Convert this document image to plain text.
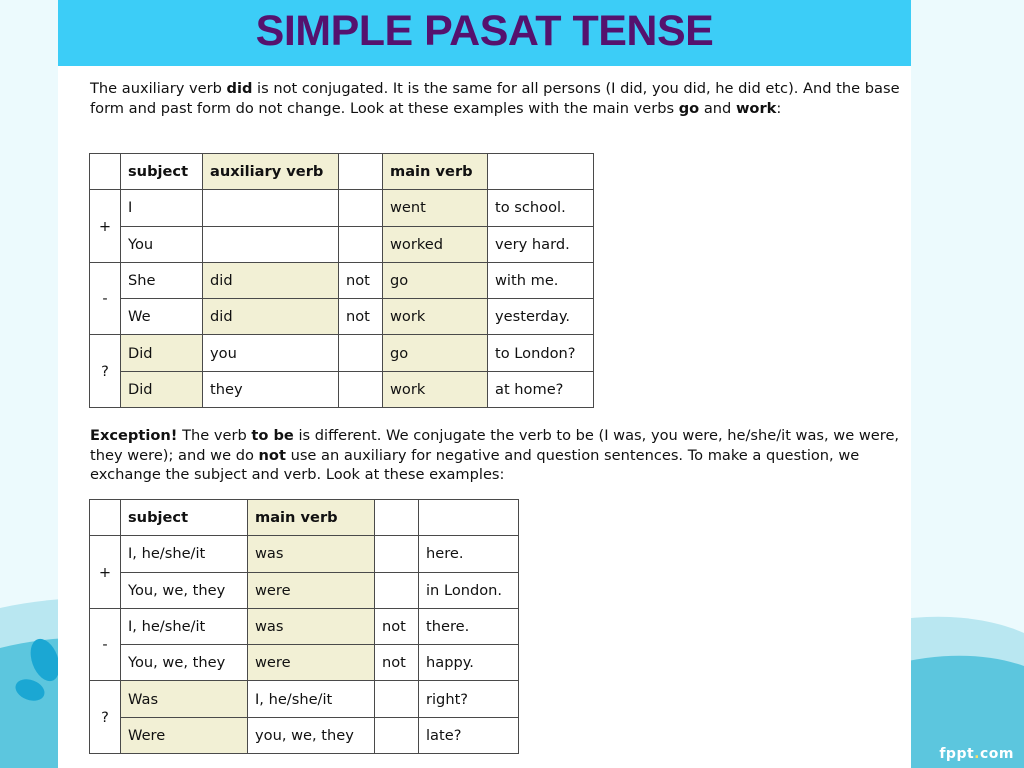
fppt.com
SIMPLE PASAT TENSE
The auxiliary verb did is not conjugated. It is the same for all persons (I did, you did, he did etc). And the base form and past form do not change. Look at these examples with the main verbs go and work:
	subject	auxiliary verb		main verb	
+	I			went	to school.
	You			worked	very hard.
-	She	did	not	go	with me.
	We	did	not	work	yesterday.
?	Did	you		go	to London?
	Did	they		work	at home?
Exception! The verb to be is different. We conjugate the verb to be (I was, you were, he/she/it was, we were, they were); and we do not use an auxiliary for negative and question sentences. To make a question, we exchange the subject and verb. Look at these examples:
	subject	main verb		
+	I, he/she/it	was		here.
	You, we, they	were		in London.
-	I, he/she/it	was	not	there.
	You, we, they	were	not	happy.
?	Was	I, he/she/it		right?
	Were	you, we, they		late?
